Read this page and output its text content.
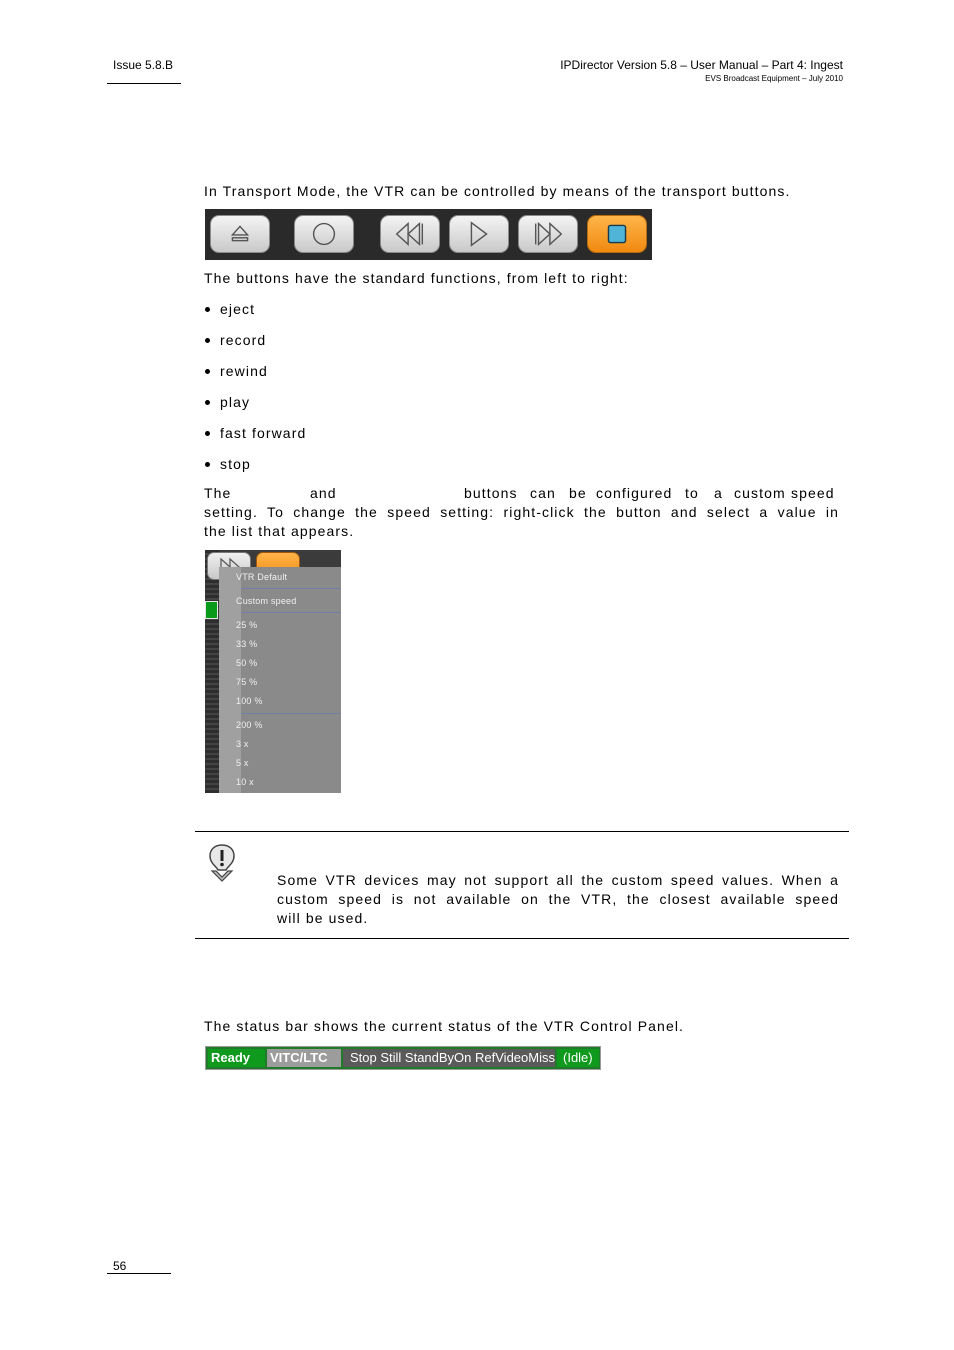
Issue 5.8.B	IPDirector Version 5.8 – User Manual – Part 4: Ingest
EVS Broadcast Equipment – July 2010
In Transport Mode, the VTR can be controlled by means of the transport buttons.
The buttons have the standard functions, from left to right:
eject
record
rewind
play
fast forward
stop
The	and	buttons can be configured to a custom speed
setting. To change the speed setting: right-click the button and select a value in
the list that appears.
VTR Default
Custom speed
25 %
33 %
50 %
75 %
100 %
200 %
3 x
5 x
10 x
Some VTR devices may not support all the custom speed values. When a
custom speed is not available on the VTR, the closest available speed
will be used.
The status bar shows the current status of the VTR Control Panel.
Ready	VITC/LTC	Stop Still StandByOn RefVideoMiss (Idle)
56
